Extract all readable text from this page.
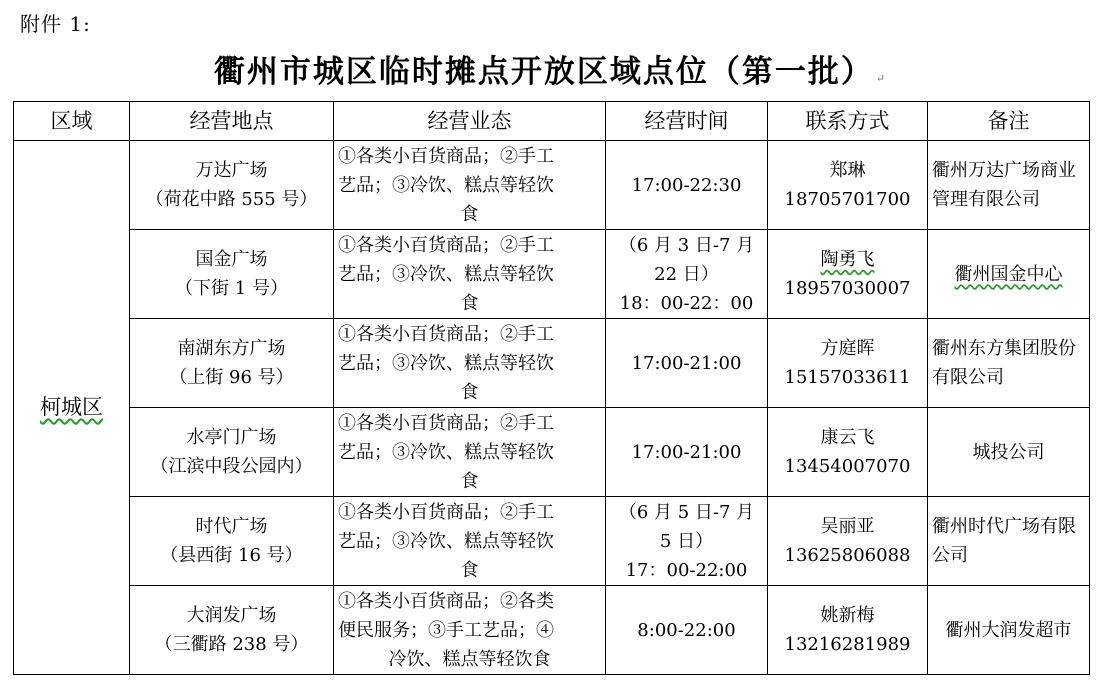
附件 1:
衢州市城区临时摊点开放区域点位（第一批） ↵
区域	经营地点	经营业态	经营时间	联系方式	备注
柯城区	万达广场
（荷花中路 555 号）	①各类小百货商品；②手工
艺品；③冷饮、糕点等轻饮
食	17:00-22:30	郑琳
18705701700	衢州万达广场商业管理有限公司

	国金广场
（下街 1 号）	①各类小百货商品；②手工
艺品；③冷饮、糕点等轻饮
食	（6 月 3 日-7 月
22 日）
18：00-22：00	陶勇飞
18957030007	衢州国金中心

	南湖东方广场
（上街 96 号）	①各类小百货商品；②手工
艺品；③冷饮、糕点等轻饮
食	17:00-21:00	方庭晖
15157033611	衢州东方集团股份有限公司

	水亭门广场
（江滨中段公园内）	①各类小百货商品；②手工
艺品；③冷饮、糕点等轻饮
食	17:00-21:00	康云飞
13454007070	城投公司

	时代广场
（县西街 16 号）	①各类小百货商品；②手工
艺品；③冷饮、糕点等轻饮
食	（6 月 5 日-7 月
5 日）
17：00-22:00	吴丽亚
13625806088	衢州时代广场有限公司

	大润发广场
（三衢路 238 号）	①各类小百货商品；②各类
便民服务；③手工艺品；④
冷饮、糕点等轻饮食	8:00-22:00	姚新梅
13216281989	衢州大润发超市
